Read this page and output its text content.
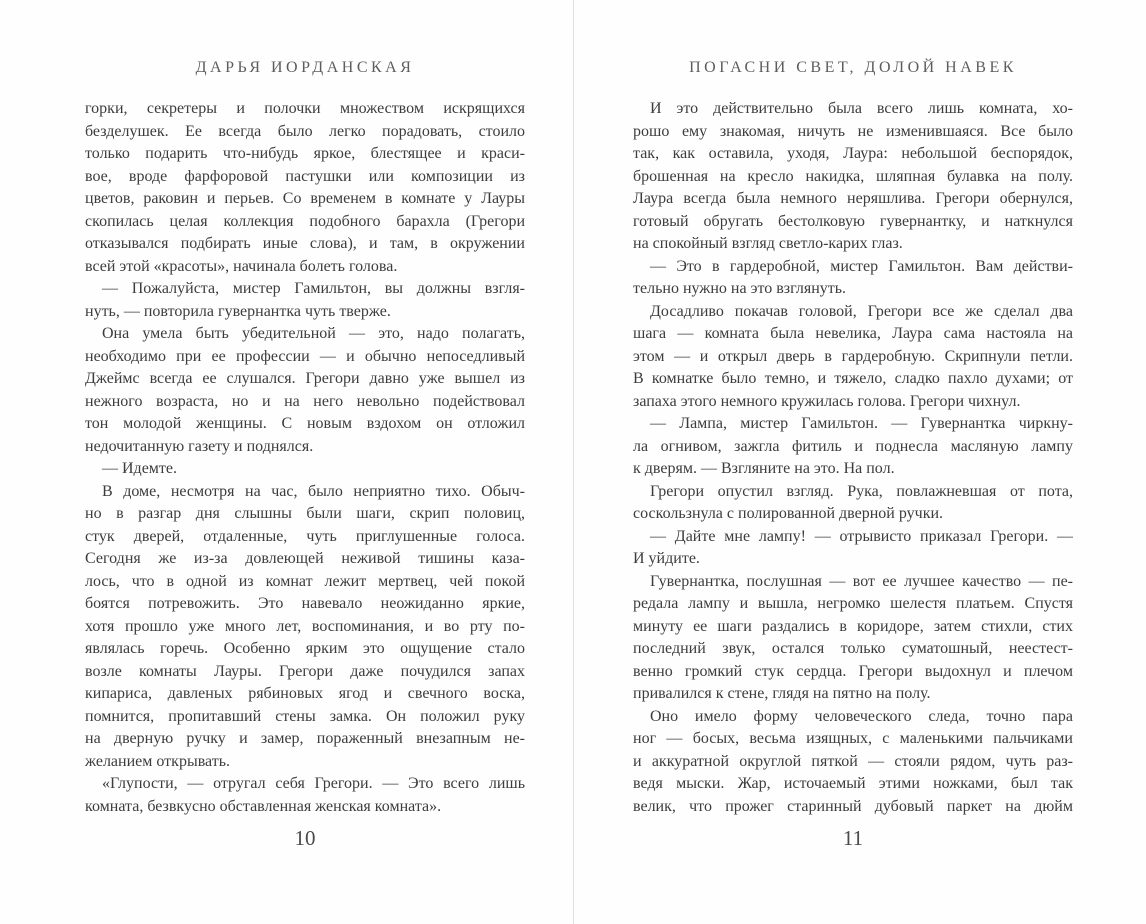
ДАРЬЯ ИОРДАНСКАЯ
горки, секретеры и полочки множеством искрящихся
безделушек. Ее всегда было легко порадовать, стоило
только подарить что-нибудь яркое, блестящее и краси-
вое, вроде фарфоровой пастушки или композиции из
цветов, раковин и перьев. Со временем в комнате у Лауры
скопилась целая коллекция подобного барахла (Грегори
отказывался подбирать иные слова), и там, в окружении
всей этой «красоты», начинала болеть голова.
— Пожалуйста, мистер Гамильтон, вы должны взгля-
нуть, — повторила гувернантка чуть тверже.
Она умела быть убедительной — это, надо полагать,
необходимо при ее профессии — и обычно непоседливый
Джеймс всегда ее слушался. Грегори давно уже вышел из
нежного возраста, но и на него невольно подействовал
тон молодой женщины. С новым вздохом он отложил
недочитанную газету и поднялся.
— Идемте.
В доме, несмотря на час, было неприятно тихо. Обыч-
но в разгар дня слышны были шаги, скрип половиц,
стук дверей, отдаленные, чуть приглушенные голоса.
Сегодня же из-за довлеющей неживой тишины каза-
лось, что в одной из комнат лежит мертвец, чей покой
боятся потревожить. Это навевало неожиданно яркие,
хотя прошло уже много лет, воспоминания, и во рту по-
являлась горечь. Особенно ярким это ощущение стало
возле комнаты Лауры. Грегори даже почудился запах
кипариса, давленых рябиновых ягод и свечного воска,
помнится, пропитавший стены замка. Он положил руку
на дверную ручку и замер, пораженный внезапным не-
желанием открывать.
«Глупости, — отругал себя Грегори. — Это всего лишь
комната, безвкусно обставленная женская комната».
10
ПОГАСНИ СВЕТ, ДОЛОЙ НАВЕК
И это действительно была всего лишь комната, хо-
рошо ему знакомая, ничуть не изменившаяся. Все было
так, как оставила, уходя, Лаура: небольшой беспорядок,
брошенная на кресло накидка, шляпная булавка на полу.
Лаура всегда была немного неряшлива. Грегори обернулся,
готовый обругать бестолковую гувернантку, и наткнулся
на спокойный взгляд светло-карих глаз.
— Это в гардеробной, мистер Гамильтон. Вам действи-
тельно нужно на это взглянуть.
Досадливо покачав головой, Грегори все же сделал два
шага — комната была невелика, Лаура сама настояла на
этом — и открыл дверь в гардеробную. Скрипнули петли.
В комнатке было темно, и тяжело, сладко пахло духами; от
запаха этого немного кружилась голова. Грегори чихнул.
— Лампа, мистер Гамильтон. — Гувернантка чиркну-
ла огнивом, зажгла фитиль и поднесла масляную лампу
к дверям. — Взгляните на это. На пол.
Грегори опустил взгляд. Рука, повлажневшая от пота,
соскользнула с полированной дверной ручки.
— Дайте мне лампу! — отрывисто приказал Грегори. —
И уйдите.
Гувернантка, послушная — вот ее лучшее качество — пе-
редала лампу и вышла, негромко шелестя платьем. Спустя
минуту ее шаги раздались в коридоре, затем стихли, стих
последний звук, остался только суматошный, неестест-
венно громкий стук сердца. Грегори выдохнул и плечом
привалился к стене, глядя на пятно на полу.
Оно имело форму человеческого следа, точно пара
ног — босых, весьма изящных, с маленькими пальчиками
и аккуратной округлой пяткой — стояли рядом, чуть раз-
ведя мыски. Жар, источаемый этими ножками, был так
велик, что прожег старинный дубовый паркет на дюйм
11
